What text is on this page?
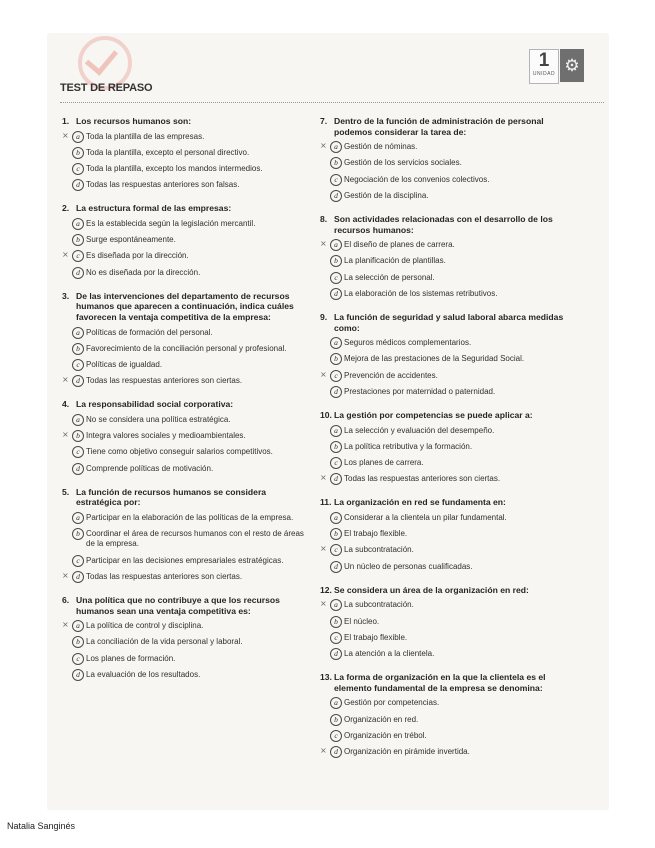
TEST DE REPASO
1
UNIDAD ⚙
1. Los recursos humanos son:
× a Toda la plantilla de las empresas.
b Toda la plantilla, excepto el personal directivo.
c Toda la plantilla, excepto los mandos intermedios.
d Todas las respuestas anteriores son falsas.
2. La estructura formal de las empresas:
a Es la establecida según la legislación mercantil.
b Surge espontáneamente.
×	c Es diseñada por la dirección.
d No es diseñada por la dirección.
3. De las intervenciones del departamento de recursos humanos que aparecen a continuación, indica cuáles favorecen la ventaja competitiva de la empresa:
a Políticas de formación del personal.
b Favorecimiento de la conciliación personal y profesional.
c Políticas de igualdad.
× d Todas las respuestas anteriores son ciertas.
4. La responsabilidad social corporativa:
a No se considera una política estratégica.
× b Integra valores sociales y medioambientales.
c Tiene como objetivo conseguir salarios competitivos.
d Comprende políticas de motivación.
5. La función de recursos humanos se considera estratégica por:
a Participar en la elaboración de las políticas de la empresa.
b Coordinar el área de recursos humanos con el resto de áreas de la empresa.
c Participar en las decisiones empresariales estratégicas.
× d Todas las respuestas anteriores son ciertas.
6. Una política que no contribuye a que los recursos humanos sean una ventaja competitiva es:
× a La política de control y disciplina.
b La conciliación de la vida personal y laboral.
c Los planes de formación.
d La evaluación de los resultados.
7. Dentro de la función de administración de personal podemos considerar la tarea de:
× a Gestión de nóminas.
b Gestión de los servicios sociales.
c Negociación de los convenios colectivos.
d Gestión de la disciplina.
8. Son actividades relacionadas con el desarrollo de los recursos humanos:
× a El diseño de planes de carrera.
b La planificación de plantillas.
c La selección de personal.
d La elaboración de los sistemas retributivos.
9. La función de seguridad y salud laboral abarca medidas como:
a Seguros médicos complementarios.
b Mejora de las prestaciones de la Seguridad Social.
×	c Prevención de accidentes.
d Prestaciones por maternidad o paternidad.
10. La gestión por competencias se puede aplicar a:
a La selección y evaluación del desempeño.
b La política retributiva y la formación.
c Los planes de carrera.
× d Todas las respuestas anteriores son ciertas.
11. La organización en red se fundamenta en:
a Considerar a la clientela un pilar fundamental.
b El trabajo flexible.
×	c La subcontratación.
d Un núcleo de personas cualificadas.
12. Se considera un área de la organización en red:
× a La subcontratación.
b El núcleo.
c El trabajo flexible.
d La atención a la clientela.
13. La forma de organización en la que la clientela es el elemento fundamental de la empresa se denomina:
a Gestión por competencias.
b Organización en red.
c Organización en trébol.
× d Organización en pirámide invertida.
Natalia Sanginés
